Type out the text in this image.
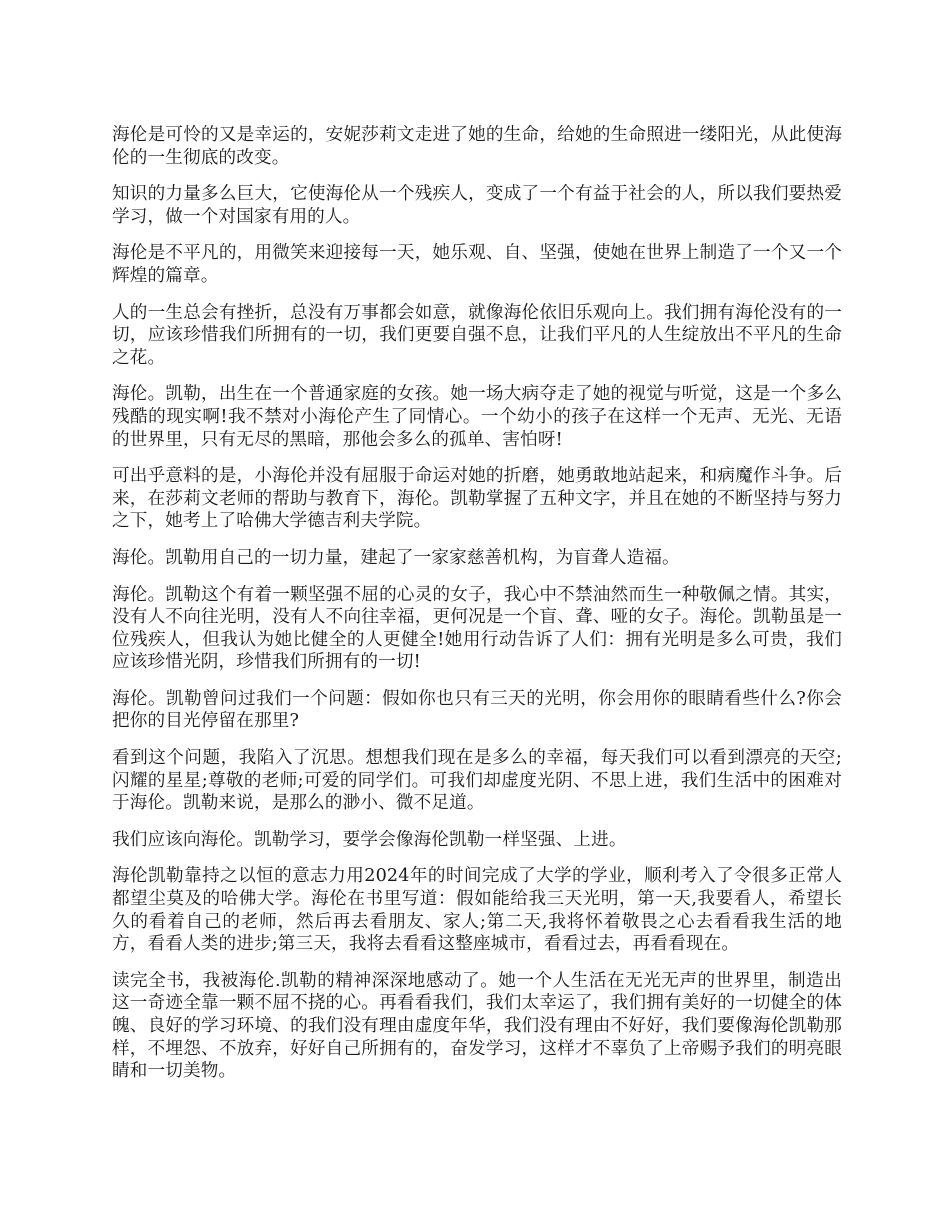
海伦是可怜的又是幸运的，安妮莎莉文走进了她的生命，给她的生命照进一缕阳光，从此使海伦的一生彻底的改变。

知识的力量多么巨大，它使海伦从一个残疾人，变成了一个有益于社会的人，所以我们要热爱学习，做一个对国家有用的人。

海伦是不平凡的，用微笑来迎接每一天，她乐观、自、坚强，使她在世界上制造了一个又一个辉煌的篇章。

人的一生总会有挫折，总没有万事都会如意，就像海伦依旧乐观向上。我们拥有海伦没有的一切，应该珍惜我们所拥有的一切，我们更要自强不息，让我们平凡的人生绽放出不平凡的生命之花。

海伦。凯勒，出生在一个普通家庭的女孩。她一场大病夺走了她的视觉与听觉，这是一个多么残酷的现实啊!我不禁对小海伦产生了同情心。一个幼小的孩子在这样一个无声、无光、无语的世界里，只有无尽的黑暗，那他会多么的孤单、害怕呀!

可出乎意料的是，小海伦并没有屈服于命运对她的折磨，她勇敢地站起来，和病魔作斗争。后来，在莎莉文老师的帮助与教育下，海伦。凯勒掌握了五种文字，并且在她的不断坚持与努力之下，她考上了哈佛大学德吉利夫学院。

海伦。凯勒用自己的一切力量，建起了一家家慈善机构，为盲聋人造福。

海伦。凯勒这个有着一颗坚强不屈的心灵的女子，我心中不禁油然而生一种敬佩之情。其实，没有人不向往光明，没有人不向往幸福，更何况是一个盲、聋、哑的女子。海伦。凯勒虽是一位残疾人，但我认为她比健全的人更健全!她用行动告诉了人们：拥有光明是多么可贵，我们应该珍惜光阴，珍惜我们所拥有的一切!

海伦。凯勒曾问过我们一个问题：假如你也只有三天的光明，你会用你的眼睛看些什么?你会把你的目光停留在那里?

看到这个问题，我陷入了沉思。想想我们现在是多么的幸福，每天我们可以看到漂亮的天空;闪耀的星星;尊敬的老师;可爱的同学们。可我们却虚度光阴、不思上进，我们生活中的困难对于海伦。凯勒来说，是那么的渺小、微不足道。

我们应该向海伦。凯勒学习，要学会像海伦凯勒一样坚强、上进。

海伦凯勒靠持之以恒的意志力用2024年的时间完成了大学的学业，顺利考入了令很多正常人都望尘莫及的哈佛大学。海伦在书里写道：假如能给我三天光明，第一天,我要看人，希望长久的看着自己的老师，然后再去看朋友、家人;第二天,我将怀着敬畏之心去看看我生活的地方，看看人类的进步;第三天，我将去看看这整座城市，看看过去，再看看现在。

读完全书，我被海伦.凯勒的精神深深地感动了。她一个人生活在无光无声的世界里，制造出这一奇迹全靠一颗不屈不挠的心。再看看我们，我们太幸运了，我们拥有美好的一切健全的体魄、良好的学习环境、的我们没有理由虚度年华，我们没有理由不好好，我们要像海伦凯勒那样，不埋怨、不放弃，好好自己所拥有的，奋发学习，这样才不辜负了上帝赐予我们的明亮眼睛和一切美物。
